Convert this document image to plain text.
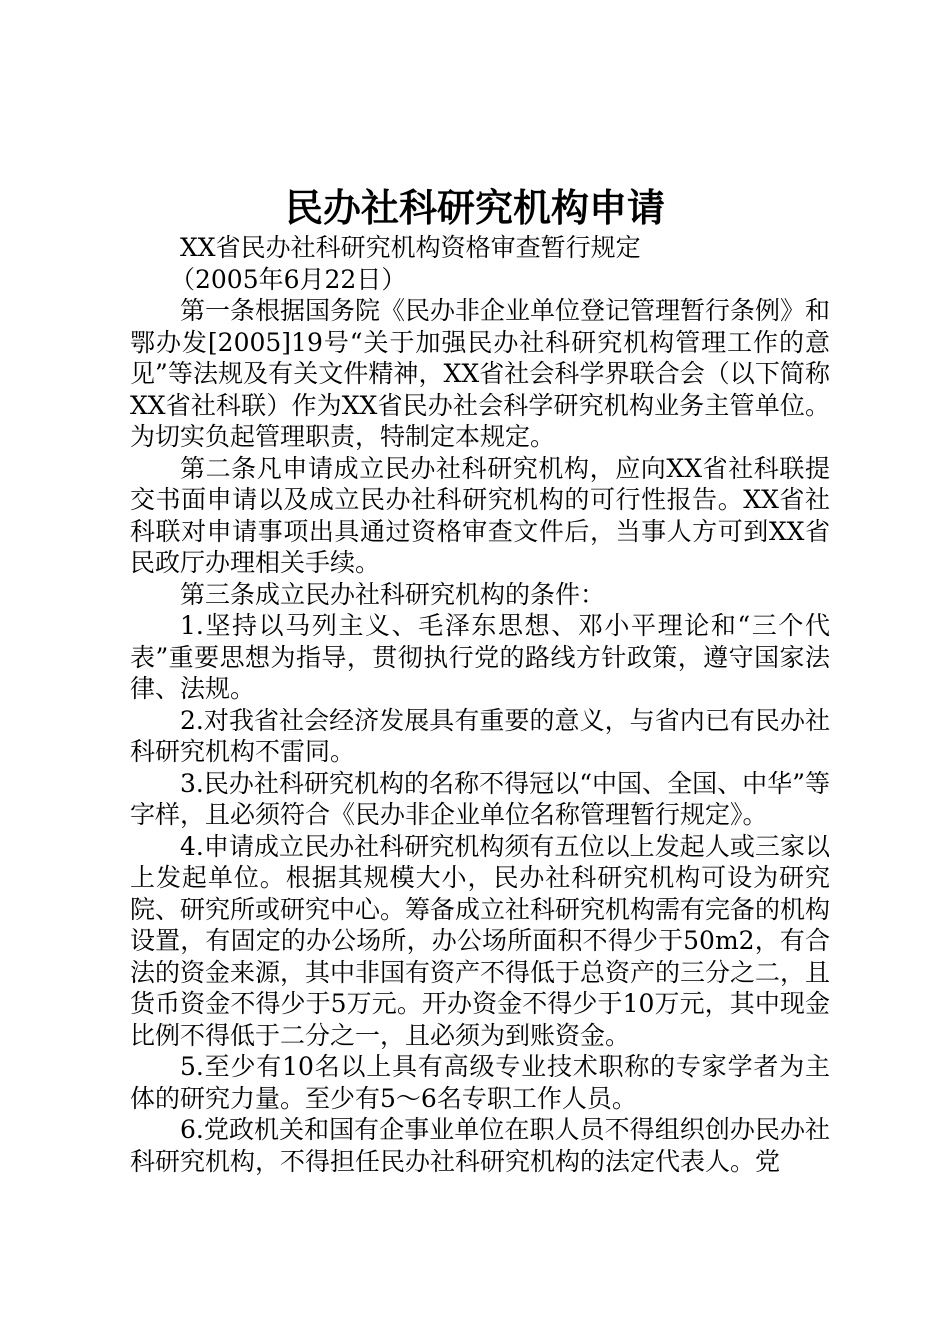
民办社科研究机构申请

XX省民办社科研究机构资格审查暂行规定

（2005年6月22日）

第一条根据国务院《民办非企业单位登记管理暂行条例》和鄂办发[2005]19号“关于加强民办社科研究机构管理工作的意见”等法规及有关文件精神，XX省社会科学界联合会（以下简称XX省社科联）作为XX省民办社会科学研究机构业务主管单位。为切实负起管理职责，特制定本规定。

第二条凡申请成立民办社科研究机构，应向XX省社科联提交书面申请以及成立民办社科研究机构的可行性报告。XX省社科联对申请事项出具通过资格审查文件后，当事人方可到XX省民政厅办理相关手续。

第三条成立民办社科研究机构的条件：

1.坚持以马列主义、毛泽东思想、邓小平理论和“三个代表”重要思想为指导，贯彻执行党的路线方针政策，遵守国家法律、法规。

2.对我省社会经济发展具有重要的意义，与省内已有民办社科研究机构不雷同。

3.民办社科研究机构的名称不得冠以“中国、全国、中华”等字样，且必须符合《民办非企业单位名称管理暂行规定》。

4.申请成立民办社科研究机构须有五位以上发起人或三家以上发起单位。根据其规模大小，民办社科研究机构可设为研究院、研究所或研究中心。筹备成立社科研究机构需有完备的机构设置，有固定的办公场所，办公场所面积不得少于50m2，有合法的资金来源，其中非国有资产不得低于总资产的三分之二，且货币资金不得少于5万元。开办资金不得少于10万元，其中现金比例不得低于二分之一，且必须为到账资金。

5.至少有10名以上具有高级专业技术职称的专家学者为主体的研究力量。至少有5～6名专职工作人员。

6.党政机关和国有企事业单位在职人员不得组织创办民办社科研究机构，不得担任民办社科研究机构的法定代表人。党
